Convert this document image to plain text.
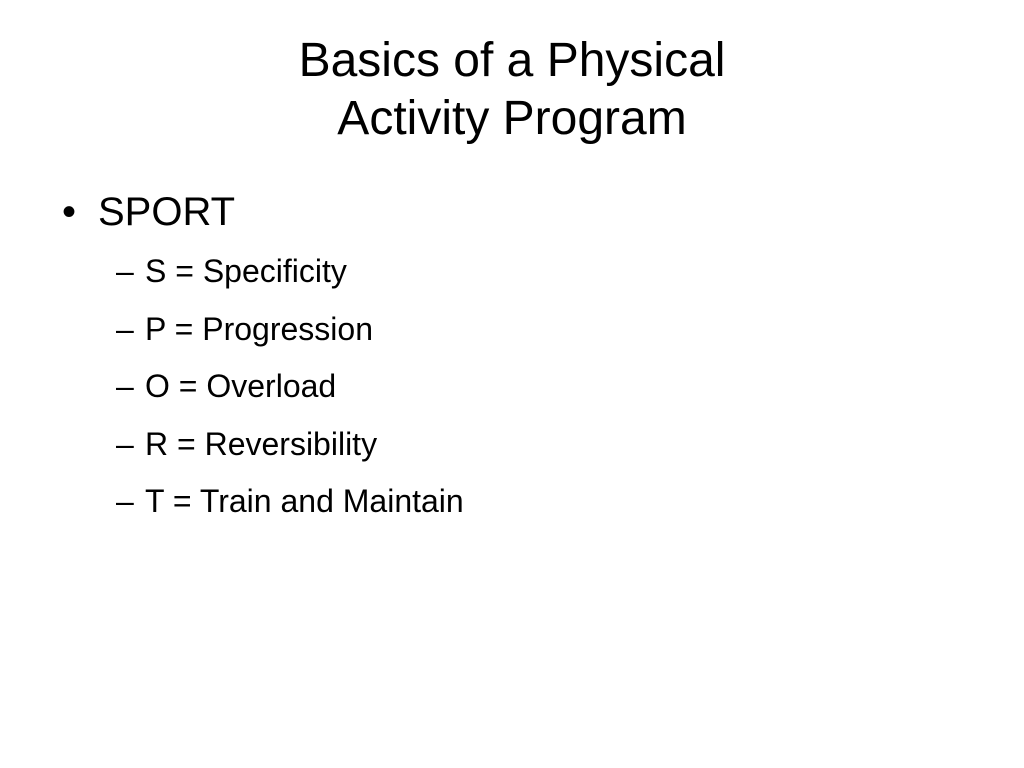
Basics of a Physical
Activity Program
• SPORT
– S = Specificity
– P = Progression
– O = Overload
– R = Reversibility
– T = Train and Maintain
